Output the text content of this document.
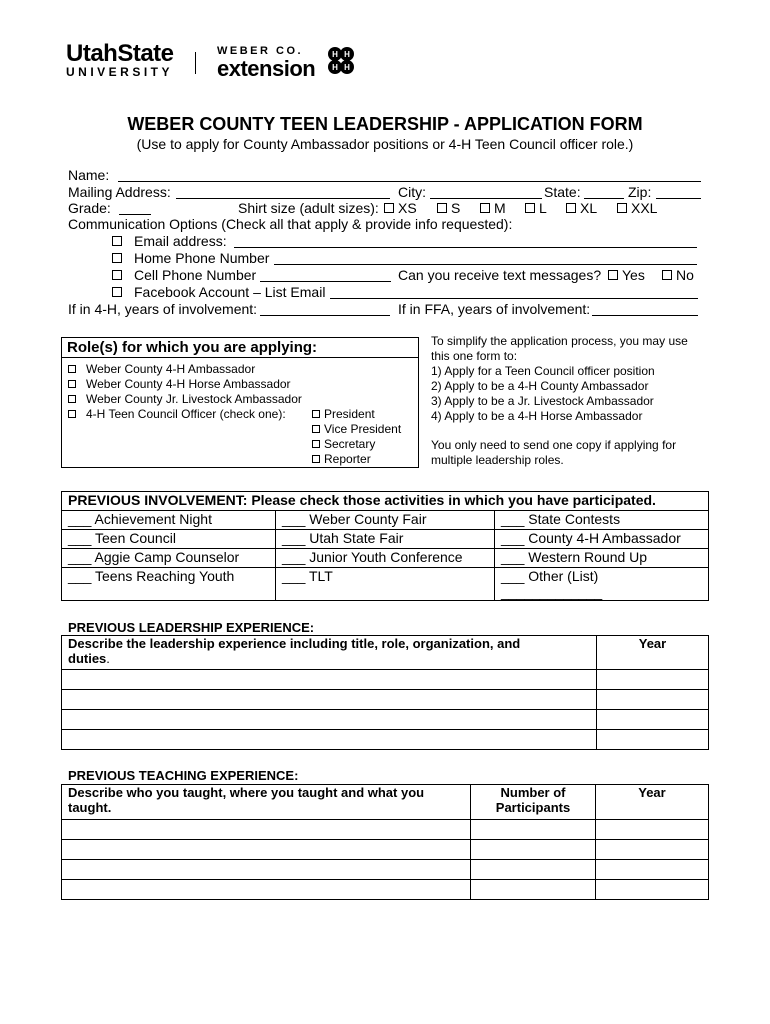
UtahState
UNIVERSITY
WEBER CO.
extension
H H
H H
WEBER COUNTY TEEN LEADERSHIP - APPLICATION FORM
(Use to apply for County Ambassador positions or 4-H Teen Council officer role.)
Name:
Mailing Address:	City:	State:	Zip:
Grade:	Shirt size (adult sizes):	XS	S	M	L	XL	XXL
Communication Options (Check all that apply & provide info requested):
Email address:
Home Phone Number
Cell Phone Number	Can you receive text messages?	Yes	No
Facebook Account – List Email
If in 4-H, years of involvement:	If in FFA, years of involvement:
Role(s) for which you are applying:
Weber County 4-H Ambassador
Weber County 4-H Horse Ambassador
Weber County Jr. Livestock Ambassador
4-H Teen Council Officer (check one):	President
Vice President
Secretary
Reporter
To simplify the application process, you may use
this one form to:
1) Apply for a Teen Council officer position
2) Apply to be a 4-H County Ambassador
3) Apply to be a Jr. Livestock Ambassador
4) Apply to be a 4-H Horse Ambassador
You only need to send one copy if applying for
multiple leadership roles.
PREVIOUS INVOLVEMENT: Please check those activities in which you have participated.		
___ Achievement Night	___ Weber County Fair	___ State Contests
___ Teen Council	___ Utah State Fair	___ County 4-H Ambassador
___ Aggie Camp Counselor	___ Junior Youth Conference	___ Western Round Up
___ Teens Reaching Youth	___ TLT	___ Other (List) _____________
PREVIOUS LEADERSHIP EXPERIENCE:
Describe the leadership experience including title, role, organization, and
duties.	Year

PREVIOUS TEACHING EXPERIENCE:
Describe who you taught, where you taught and what you
taught.	Number of
Participants	Year
